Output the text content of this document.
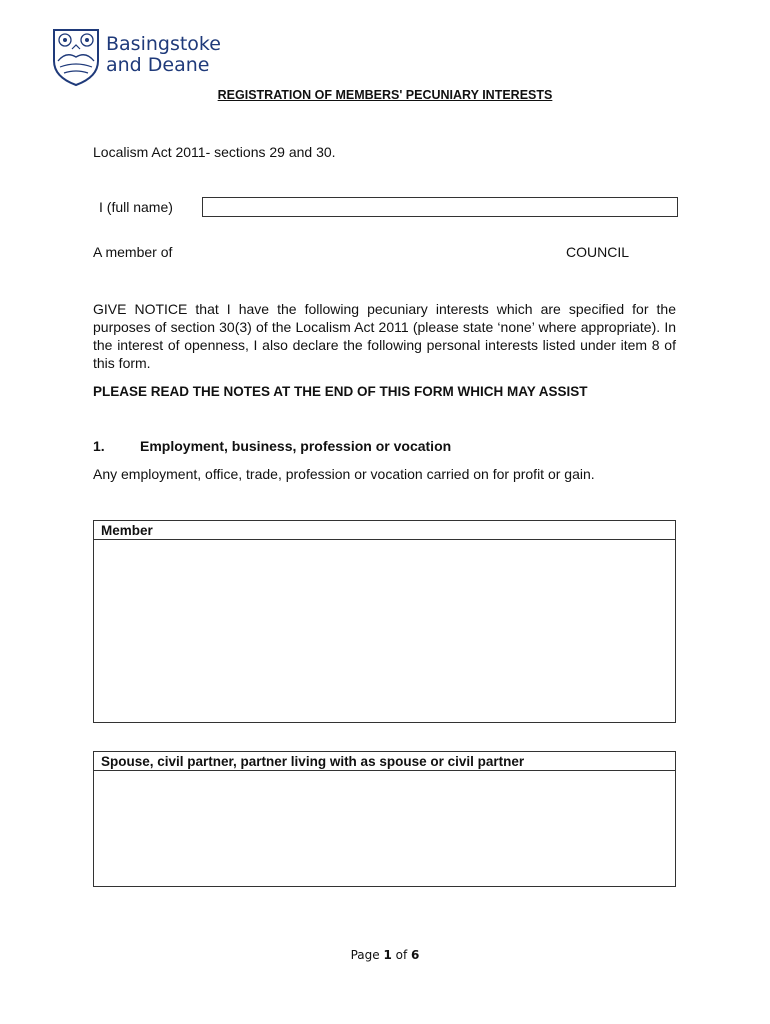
Basingstoke
and Deane
REGISTRATION OF MEMBERS' PECUNIARY INTERESTS
Localism Act 2011- sections 29 and 30.
I (full name)
A member of	COUNCIL
GIVE NOTICE that I have the following pecuniary interests which are specified for the purposes of section 30(3) of the Localism Act 2011 (please state ‘none’ where appropriate). In the interest of openness, I also declare the following personal interests listed under item 8 of this form.
PLEASE READ THE NOTES AT THE END OF THIS FORM WHICH MAY ASSIST
1.	Employment, business, profession or vocation
Any employment, office, trade, profession or vocation carried on for profit or gain.
Member
Spouse, civil partner, partner living with as spouse or civil partner
Page 1 of 6
